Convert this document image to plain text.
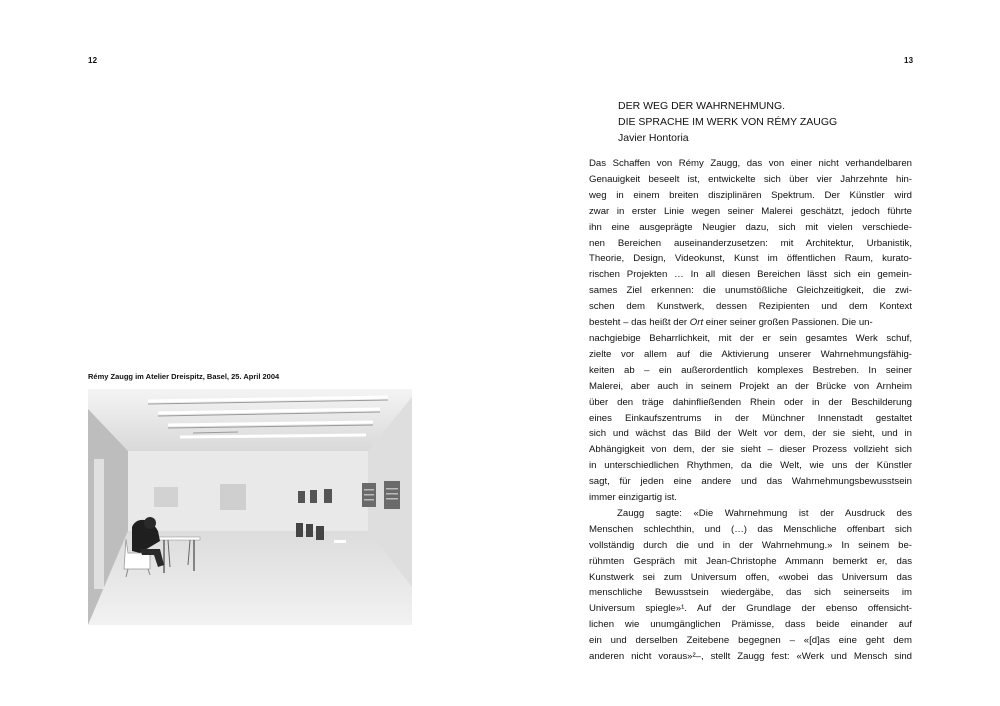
12	13
Rémy Zaugg im Atelier Dreispitz, Basel, 25. April 2004
DER WEG DER WAHRNEHMUNG.
DIE SPRACHE IM WERK VON RÉMY ZAUGG
Javier Hontoria
Das Schaffen von Rémy Zaugg, das von einer nicht verhandelbaren
Genauigkeit beseelt ist, entwickelte sich über vier Jahrzehnte hin-
weg in einem breiten disziplinären Spektrum. Der Künstler wird
zwar in erster Linie wegen seiner Malerei geschätzt, jedoch führte
ihn eine ausgeprägte Neugier dazu, sich mit vielen verschiede-
nen Bereichen auseinanderzusetzen: mit Architektur, Urbanistik,
Theorie, Design, Videokunst, Kunst im öffentlichen Raum, kurato-
rischen Projekten … In all diesen Bereichen lässt sich ein gemein-
sames Ziel erkennen: die unumstößliche Gleichzeitigkeit, die zwi-
schen dem Kunstwerk, dessen Rezipienten und dem Kontext
besteht – das heißt der Ort einer seiner großen Passionen. Die un-
nachgiebige Beharrlichkeit, mit der er sein gesamtes Werk schuf,
zielte vor allem auf die Aktivierung unserer Wahrnehmungsfähig-
keiten ab – ein außerordentlich komplexes Bestreben. In seiner
Malerei, aber auch in seinem Projekt an der Brücke von Arnheim
über den träge dahinfließenden Rhein oder in der Beschilderung
eines Einkaufszentrums in der Münchner Innenstadt gestaltet
sich und wächst das Bild der Welt vor dem, der sie sieht, und in
Abhängigkeit von dem, der sie sieht – dieser Prozess vollzieht sich
in unterschiedlichen Rhythmen, da die Welt, wie uns der Künstler
sagt, für jeden eine andere und das Wahrnehmungsbewusstsein
immer einzigartig ist.
Zaugg sagte: «Die Wahrnehmung ist der Ausdruck des
Menschen schlechthin, und (…) das Menschliche offenbart sich
vollständig durch die und in der Wahrnehmung.» In seinem be-
rühmten Gespräch mit Jean-Christophe Ammann bemerkt er, das
Kunstwerk sei zum Universum offen, «wobei das Universum das
menschliche Bewusstsein wiedergäbe, das sich seinerseits im
Universum spiegle»¹. Auf der Grundlage der ebenso offensicht-
lichen wie unumgänglichen Prämisse, dass beide einander auf
ein und derselben Zeitebene begegnen – «[d]as eine geht dem
anderen nicht voraus»²–, stellt Zaugg fest: «Werk und Mensch sind
